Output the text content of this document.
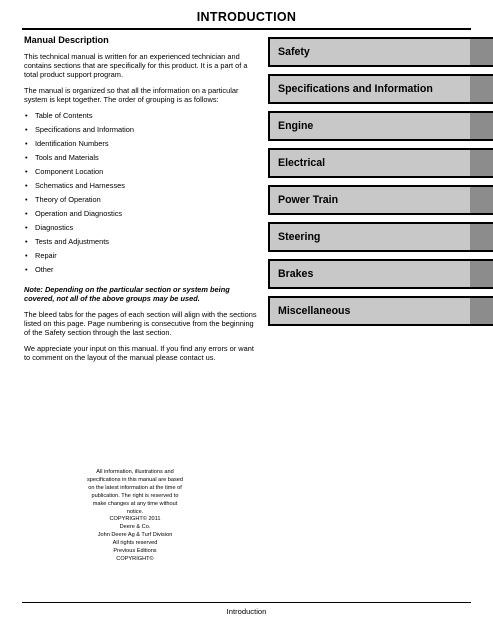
INTRODUCTION
Manual Description

This technical manual is written for an experienced technician and contains sections that are specifically for this product. It is a part of a total product support program.

The manual is organized so that all the information on a particular system is kept together. The order of grouping is as follows:

• Table of Contents
• Specifications and Information
• Identification Numbers
• Tools and Materials
• Component Location
• Schematics and Harnesses
• Theory of Operation
• Operation and Diagnostics
• Diagnostics
• Tests and Adjustments
• Repair
• Other

Note: Depending on the particular section or system being covered, not all of the above groups may be used.

The bleed tabs for the pages of each section will align with the sections listed on this page. Page numbering is consecutive from the beginning of the Safety section through the last section.

We appreciate your input on this manual. If you find any errors or want to comment on the layout of the manual please contact us.

Safety
Specifications and Information
Engine
Electrical
Power Train
Steering
Brakes
Miscellaneous
All information, illustrations and
specifications in this manual are based
on the latest information at the time of
publication. The right is reserved to
make changes at any time without
notice.
COPYRIGHT© 2011
Deere & Co.
John Deere Ag & Turf Division
All rights reserved
Previous Editions
COPYRIGHT©
Introduction
